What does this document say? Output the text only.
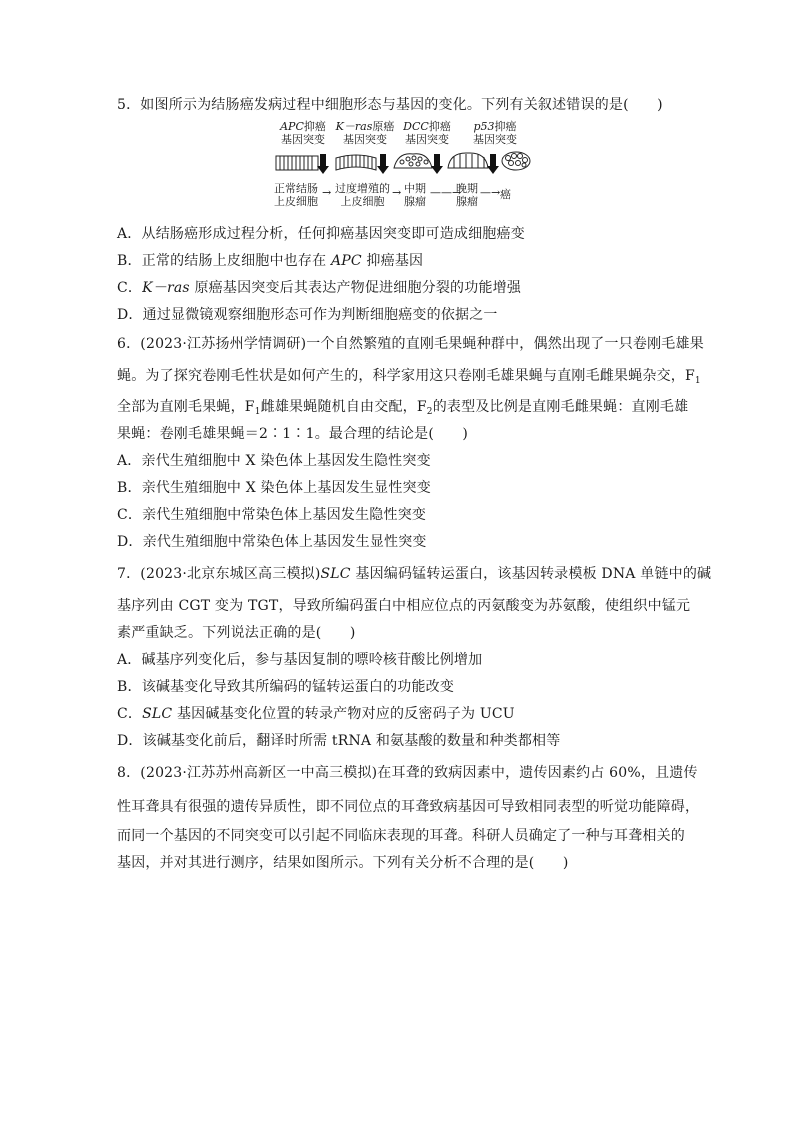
5．如图所示为结肠癌发病过程中细胞形态与基因的变化。下列有关叙述错误的是(　　)
APC抑癌
基因突变
K－ras原癌
基因突变
DCC抑癌
基因突变
p53抑癌
基因突变
正常结肠
上皮细胞
→ 过度增殖的
上皮细胞
→ 中期
腺瘤
——→
晚期
腺瘤
—→ 癌
A．从结肠癌形成过程分析，任何抑癌基因突变即可造成细胞癌变
B．正常的结肠上皮细胞中也存在 APC 抑癌基因
C．K－ras 原癌基因突变后其表达产物促进细胞分裂的功能增强
D．通过显微镜观察细胞形态可作为判断细胞癌变的依据之一
6．(2023·江苏扬州学情调研)一个自然繁殖的直刚毛果蝇种群中，偶然出现了一只卷刚毛雄果
蝇。为了探究卷刚毛性状是如何产生的，科学家用这只卷刚毛雄果蝇与直刚毛雌果蝇杂交，$F_1$
全部为直刚毛果蝇，$F_1$雌雄果蝇随机自由交配，$F_2$的表型及比例是直刚毛雌果蝇：直刚毛雄
果蝇：卷刚毛雄果蝇＝2∶1∶1。最合理的结论是(　　)
A．亲代生殖细胞中 X 染色体上基因发生隐性突变
B．亲代生殖细胞中 X 染色体上基因发生显性突变
C．亲代生殖细胞中常染色体上基因发生隐性突变
D．亲代生殖细胞中常染色体上基因发生显性突变
7．(2023·北京东城区高三模拟)SLC 基因编码锰转运蛋白，该基因转录模板 DNA 单链中的碱
基序列由 CGT 变为 TGT，导致所编码蛋白中相应位点的丙氨酸变为苏氨酸，使组织中锰元
素严重缺乏。下列说法正确的是(　　)
A．碱基序列变化后，参与基因复制的嘌呤核苷酸比例增加
B．该碱基变化导致其所编码的锰转运蛋白的功能改变
C．SLC 基因碱基变化位置的转录产物对应的反密码子为 UCU
D．该碱基变化前后，翻译时所需 tRNA 和氨基酸的数量和种类都相等
8．(2023·江苏苏州高新区一中高三模拟)在耳聋的致病因素中，遗传因素约占 60%，且遗传
性耳聋具有很强的遗传异质性，即不同位点的耳聋致病基因可导致相同表型的听觉功能障碍，
而同一个基因的不同突变可以引起不同临床表现的耳聋。科研人员确定了一种与耳聋相关的
基因，并对其进行测序，结果如图所示。下列有关分析不合理的是(　　)
